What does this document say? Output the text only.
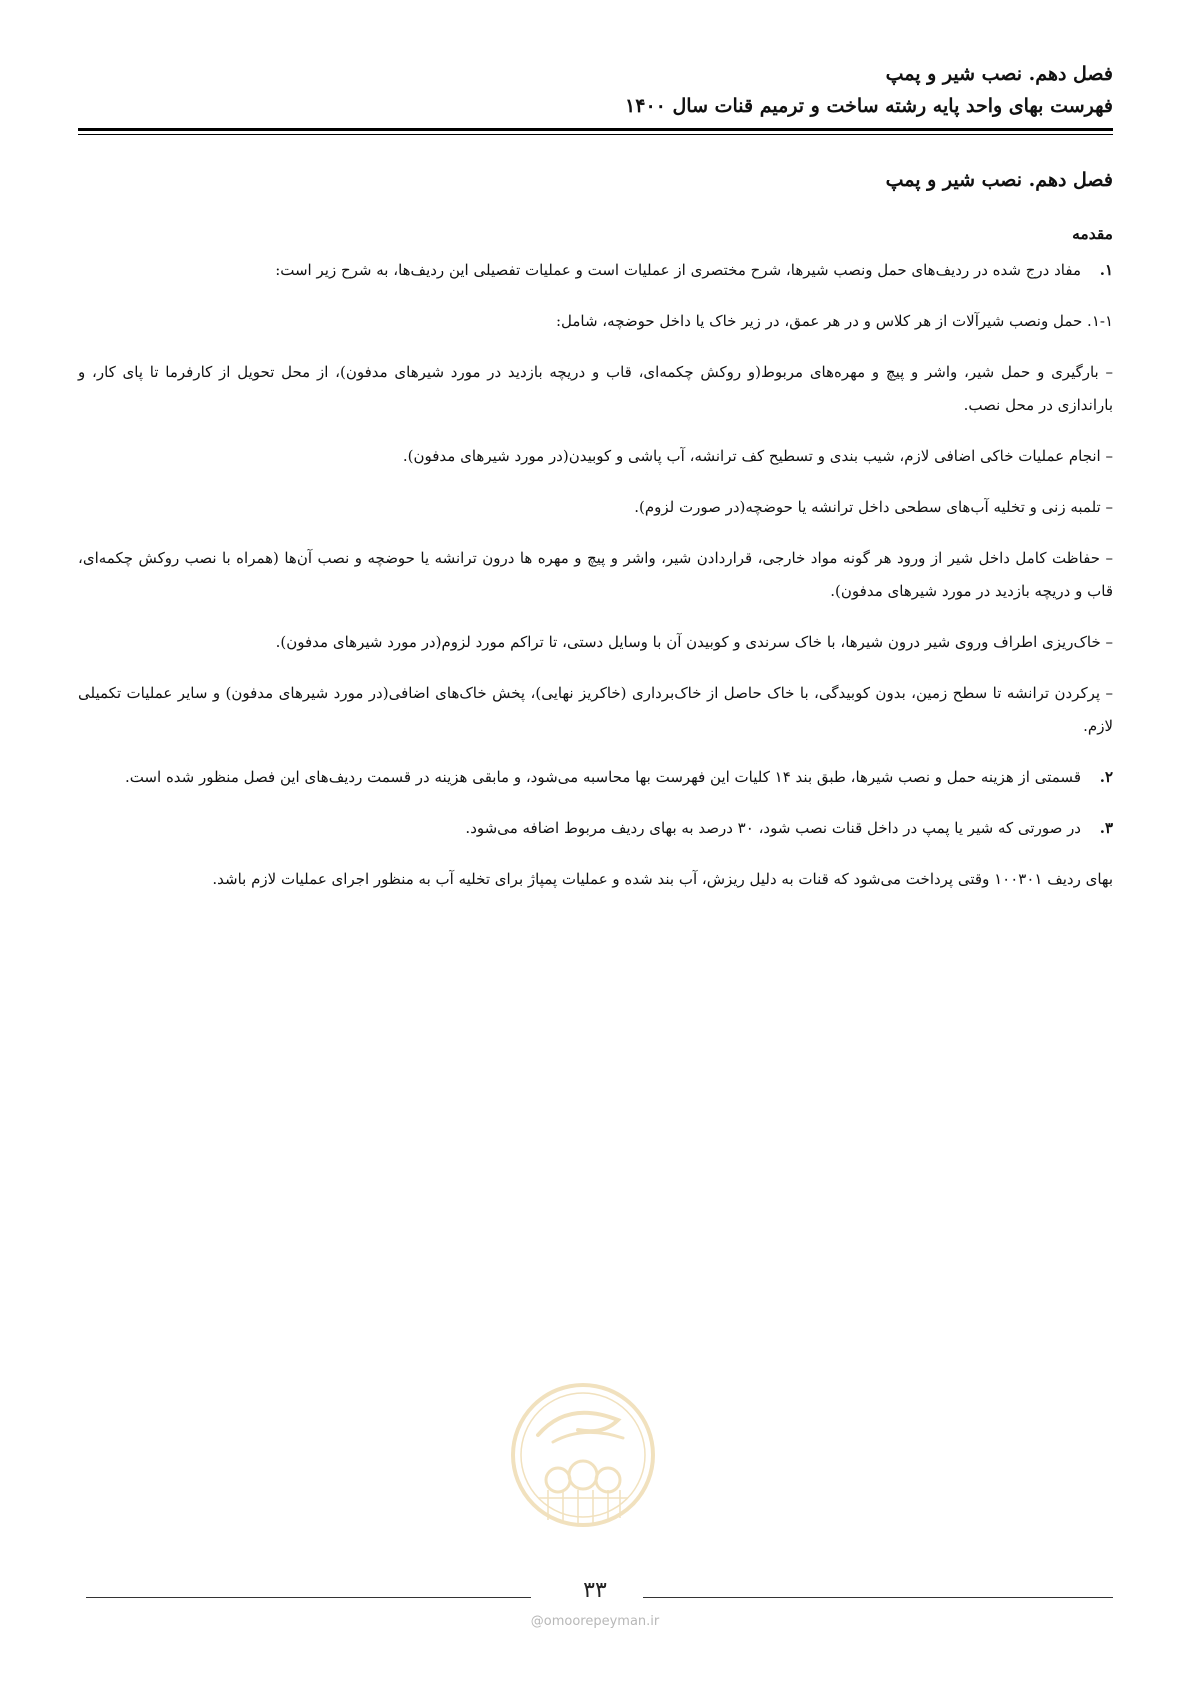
فصل دهم. نصب شیر و پمپ
فهرست بهای واحد پایه رشته ساخت و ترمیم قنات سال ۱۴۰۰
فصل دهم. نصب شیر و پمپ
مقدمه
۱.
مفاد درج شده در ردیف‌های حمل ونصب شیرها، شرح مختصری از عملیات است و عملیات تفصیلی این ردیف‌ها، به شرح زیر است:
۱-۱. حمل ونصب شیرآلات از هر کلاس و در هر عمق، در زیر خاک یا داخل حوضچه، شامل:
– بارگیری و حمل شیر، واشر و پیچ و مهره‌های مربوط(و روکش چکمه‌ای، قاب و دریچه بازدید در مورد شیرهای مدفون)، از محل تحویل از کارفرما تا پای کار، و باراندازی در محل نصب.
– انجام عملیات خاکی اضافی لازم، شیب بندی و تسطیح کف ترانشه، آب پاشی و کوبیدن(در مورد شیرهای مدفون).
– تلمبه زنی و تخلیه آب‌های سطحی داخل ترانشه یا حوضچه(در صورت لزوم).
– حفاظت کامل داخل شیر از ورود هر گونه مواد خارجی، قراردادن شیر، واشر و پیچ و مهره ها درون ترانشه یا حوضچه و نصب آن‌ها (همراه با نصب روکش چکمه‌ای، قاب و دریچه بازدید در مورد شیرهای مدفون).
– خاک‌ریزی اطراف وروی شیر درون شیرها، با خاک سرندی و کوبیدن آن با وسایل دستی، تا تراکم مورد لزوم(در مورد شیرهای مدفون).
– پرکردن ترانشه تا سطح زمین، بدون کوبیدگی، با خاک حاصل از خاک‌برداری (خاکریز نهایی)، پخش خاک‌های اضافی(در مورد شیرهای مدفون) و سایر عملیات تکمیلی لازم.
۲.
قسمتی از هزینه حمل و نصب شیرها، طبق بند ۱۴ کلیات این فهرست بها محاسبه می‌شود، و مابقی هزینه در قسمت ردیف‌های این فصل منظور شده است.
۳.
در صورتی که شیر یا پمپ در داخل قنات نصب شود، ۳۰ درصد به بهای ردیف مربوط اضافه می‌شود.
بهای ردیف ۱۰۰۳۰۱ وقتی پرداخت می‌شود که قنات به دلیل ریزش، آب بند شده و عملیات پمپاژ برای تخلیه آب به منظور اجرای عملیات لازم باشد.
۳۳
@omoorepeyman.ir
